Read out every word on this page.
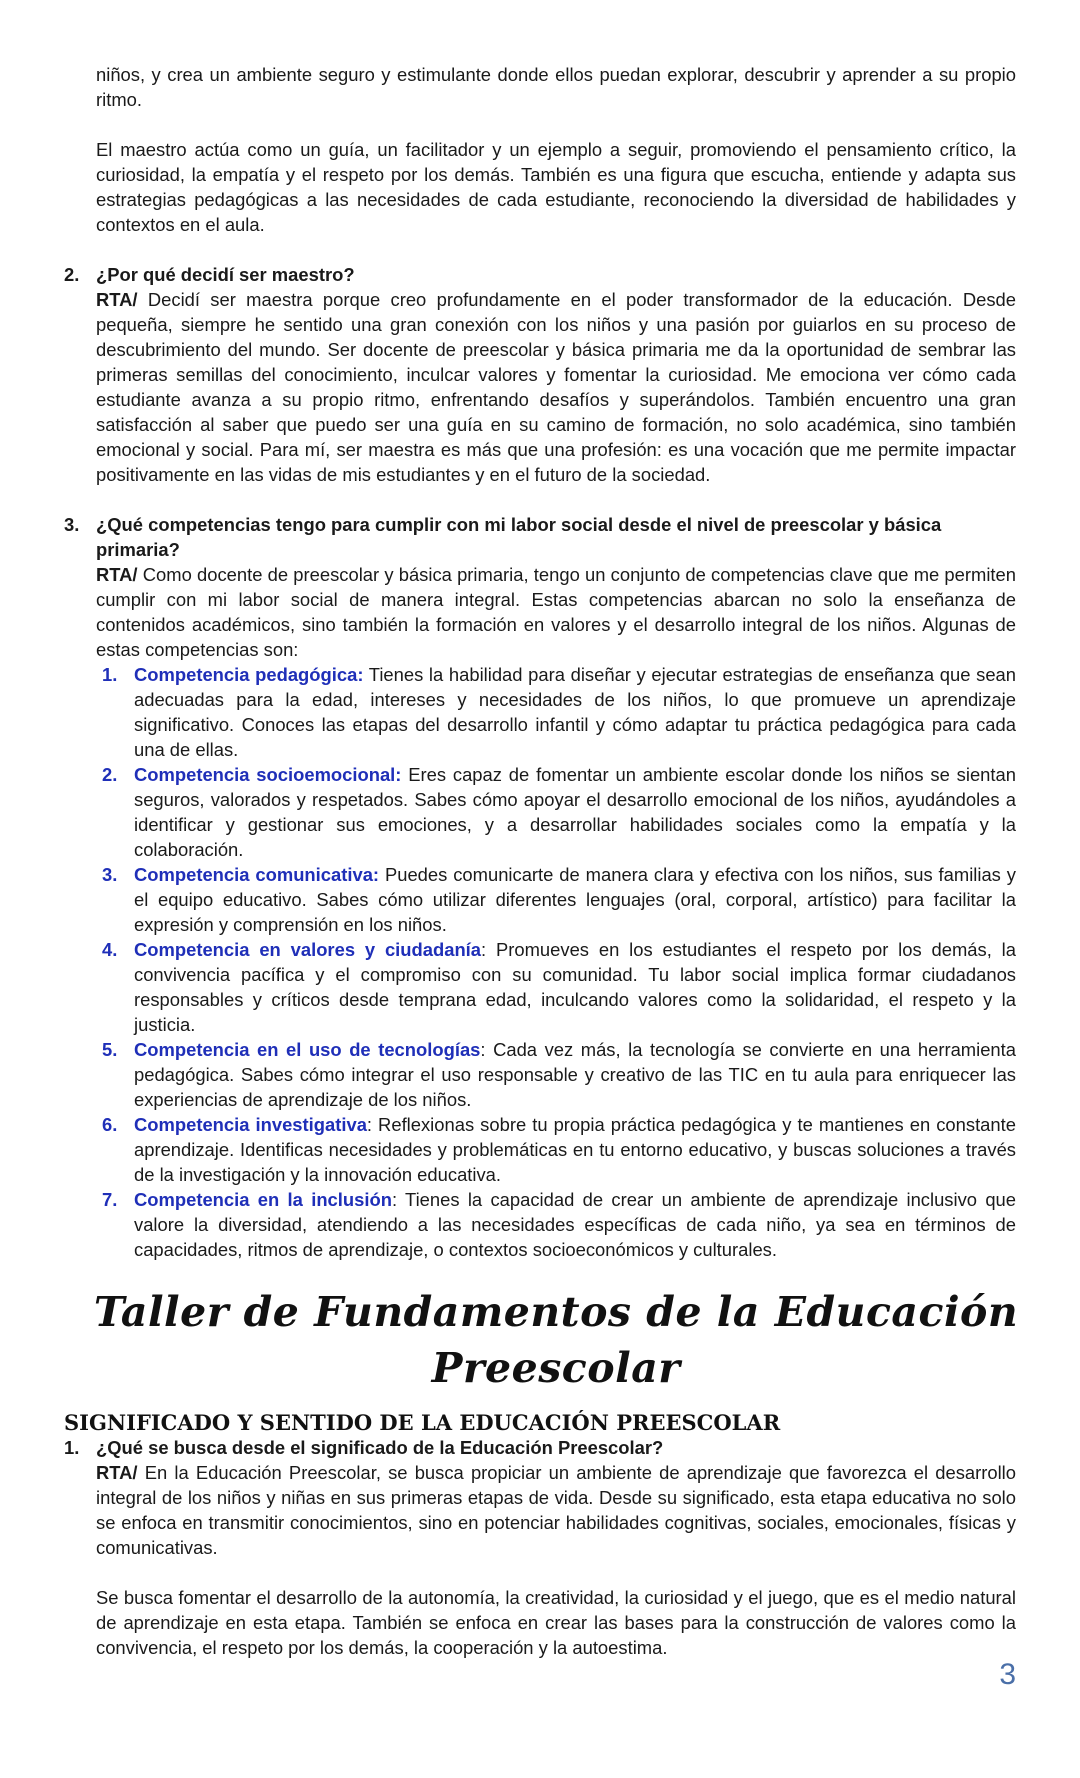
niños, y crea un ambiente seguro y estimulante donde ellos puedan explorar, descubrir y aprender a su propio ritmo.

El maestro actúa como un guía, un facilitador y un ejemplo a seguir, promoviendo el pensamiento crítico, la curiosidad, la empatía y el respeto por los demás. También es una figura que escucha, entiende y adapta sus estrategias pedagógicas a las necesidades de cada estudiante, reconociendo la diversidad de habilidades y contextos en el aula.

2. ¿Por qué decidí ser maestro?

RTA/ Decidí ser maestra porque creo profundamente en el poder transformador de la educación. Desde pequeña, siempre he sentido una gran conexión con los niños y una pasión por guiarlos en su proceso de descubrimiento del mundo. Ser docente de preescolar y básica primaria me da la oportunidad de sembrar las primeras semillas del conocimiento, inculcar valores y fomentar la curiosidad. Me emociona ver cómo cada estudiante avanza a su propio ritmo, enfrentando desafíos y superándolos. También encuentro una gran satisfacción al saber que puedo ser una guía en su camino de formación, no solo académica, sino también emocional y social. Para mí, ser maestra es más que una profesión: es una vocación que me permite impactar positivamente en las vidas de mis estudiantes y en el futuro de la sociedad.

3. ¿Qué competencias tengo para cumplir con mi labor social desde el nivel de preescolar y básica primaria?

RTA/ Como docente de preescolar y básica primaria, tengo un conjunto de competencias clave que me permiten cumplir con mi labor social de manera integral. Estas competencias abarcan no solo la enseñanza de contenidos académicos, sino también la formación en valores y el desarrollo integral de los niños. Algunas de estas competencias son:

1. Competencia pedagógica: Tienes la habilidad para diseñar y ejecutar estrategias de enseñanza que sean adecuadas para la edad, intereses y necesidades de los niños, lo que promueve un aprendizaje significativo. Conoces las etapas del desarrollo infantil y cómo adaptar tu práctica pedagógica para cada una de ellas.
2. Competencia socioemocional: Eres capaz de fomentar un ambiente escolar donde los niños se sientan seguros, valorados y respetados. Sabes cómo apoyar el desarrollo emocional de los niños, ayudándoles a identificar y gestionar sus emociones, y a desarrollar habilidades sociales como la empatía y la colaboración.
3. Competencia comunicativa: Puedes comunicarte de manera clara y efectiva con los niños, sus familias y el equipo educativo. Sabes cómo utilizar diferentes lenguajes (oral, corporal, artístico) para facilitar la expresión y comprensión en los niños.
4. Competencia en valores y ciudadanía: Promueves en los estudiantes el respeto por los demás, la convivencia pacífica y el compromiso con su comunidad. Tu labor social implica formar ciudadanos responsables y críticos desde temprana edad, inculcando valores como la solidaridad, el respeto y la justicia.
5. Competencia en el uso de tecnologías: Cada vez más, la tecnología se convierte en una herramienta pedagógica. Sabes cómo integrar el uso responsable y creativo de las TIC en tu aula para enriquecer las experiencias de aprendizaje de los niños.
6. Competencia investigativa: Reflexionas sobre tu propia práctica pedagógica y te mantienes en constante aprendizaje. Identificas necesidades y problemáticas en tu entorno educativo, y buscas soluciones a través de la investigación y la innovación educativa.
7. Competencia en la inclusión: Tienes la capacidad de crear un ambiente de aprendizaje inclusivo que valore la diversidad, atendiendo a las necesidades específicas de cada niño, ya sea en términos de capacidades, ritmos de aprendizaje, o contextos socioeconómicos y culturales.
Taller de Fundamentos de la Educación Preescolar
SIGNIFICADO Y SENTIDO DE LA EDUCACIÓN PREESCOLAR
1. ¿Qué se busca desde el significado de la Educación Preescolar?

RTA/ En la Educación Preescolar, se busca propiciar un ambiente de aprendizaje que favorezca el desarrollo integral de los niños y niñas en sus primeras etapas de vida. Desde su significado, esta etapa educativa no solo se enfoca en transmitir conocimientos, sino en potenciar habilidades cognitivas, sociales, emocionales, físicas y comunicativas.

Se busca fomentar el desarrollo de la autonomía, la creatividad, la curiosidad y el juego, que es el medio natural de aprendizaje en esta etapa. También se enfoca en crear las bases para la construcción de valores como la convivencia, el respeto por los demás, la cooperación y la autoestima.

3
